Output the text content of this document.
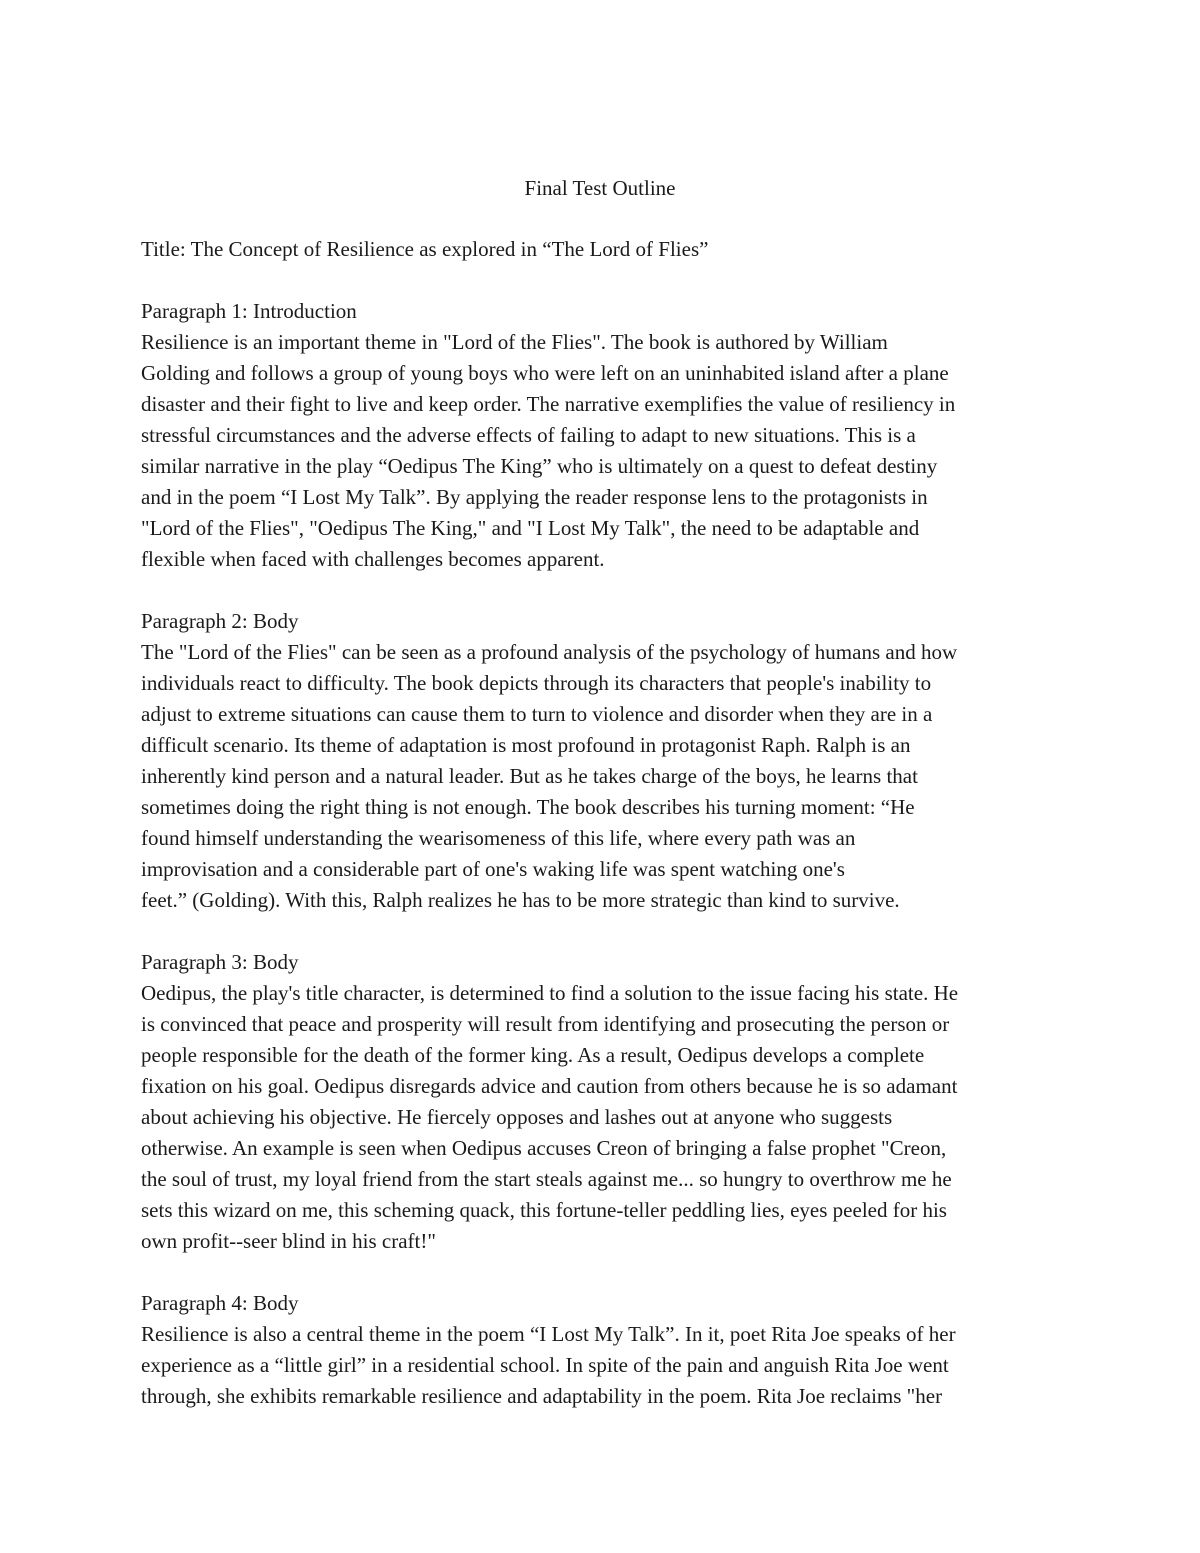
Final Test Outline

Title: The Concept of Resilience as explored in “The Lord of Flies”

Paragraph 1: Introduction

Resilience is an important theme in "Lord of the Flies". The book is authored by William

Golding and follows a group of young boys who were left on an uninhabited island after a plane

disaster and their fight to live and keep order. The narrative exemplifies the value of resiliency in

stressful circumstances and the adverse effects of failing to adapt to new situations. This is a

similar narrative in the play “Oedipus The King” who is ultimately on a quest to defeat destiny

and in the poem “I Lost My Talk”. By applying the reader response lens to the protagonists in

"Lord of the Flies", "Oedipus The King," and "I Lost My Talk", the need to be adaptable and

flexible when faced with challenges becomes apparent.

Paragraph 2: Body

The "Lord of the Flies" can be seen as a profound analysis of the psychology of humans and how

individuals react to difficulty. The book depicts through its characters that people's inability to

adjust to extreme situations can cause them to turn to violence and disorder when they are in a

difficult scenario. Its theme of adaptation is most profound in protagonist Raph. Ralph is an

inherently kind person and a natural leader. But as he takes charge of the boys, he learns that

sometimes doing the right thing is not enough. The book describes his turning moment: “He

found himself understanding the wearisomeness of this life, where every path was an

improvisation and a considerable part of one's waking life was spent watching one's

feet.” (Golding). With this, Ralph realizes he has to be more strategic than kind to survive.

Paragraph 3: Body

Oedipus, the play's title character, is determined to find a solution to the issue facing his state. He

is convinced that peace and prosperity will result from identifying and prosecuting the person or

people responsible for the death of the former king. As a result, Oedipus develops a complete

fixation on his goal. Oedipus disregards advice and caution from others because he is so adamant

about achieving his objective. He fiercely opposes and lashes out at anyone who suggests

otherwise. An example is seen when Oedipus accuses Creon of bringing a false prophet "Creon,

the soul of trust, my loyal friend from the start steals against me... so hungry to overthrow me he

sets this wizard on me, this scheming quack, this fortune-teller peddling lies, eyes peeled for his

own profit--seer blind in his craft!"

Paragraph 4: Body

Resilience is also a central theme in the poem “I Lost My Talk”. In it, poet Rita Joe speaks of her

experience as a “little girl” in a residential school. In spite of the pain and anguish Rita Joe went

through, she exhibits remarkable resilience and adaptability in the poem. Rita Joe reclaims "her
